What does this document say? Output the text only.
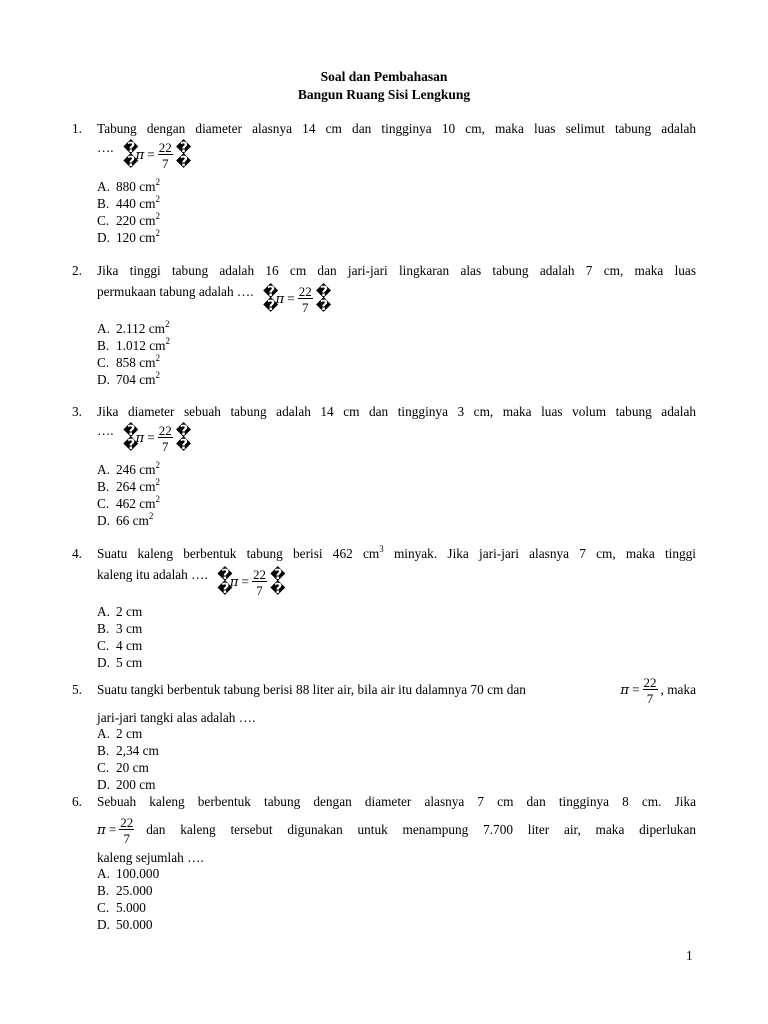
Soal dan Pembahasan
Bangun Ruang Sisi Lengkung
1. Tabung dengan diameter alasnya 14 cm dan tingginya 10 cm, maka luas selimut tabung adalah
…. �
�
$\pi = \frac{22}{7}$ �
�
A. 880 $cm^2$
B. 440 $cm^2$
C. 220 $cm^2$
D. 120 $cm^2$
2. Jika tinggi tabung adalah 16 cm dan jari-jari lingkaran alas tabung adalah 7 cm, maka luas
permukaan tabung adalah …. �
�
$\pi = \frac{22}{7}$ �
�
A. 2.112 $cm^2$
B. 1.012 $cm^2$
C. 858 $cm^2$
D. 704 $cm^2$
3. Jika diameter sebuah tabung adalah 14 cm dan tingginya 3 cm, maka luas volum tabung adalah
…. �
�
$\pi = \frac{22}{7}$ �
�
A. 246 $cm^2$
B. 264 $cm^2$
C. 462 $cm^2$
D. 66 $cm^2$
4. Suatu kaleng berbentuk tabung berisi 462 $cm^3$ minyak. Jika jari-jari alasnya 7 cm, maka tinggi
kaleng itu adalah …. �
�
$\pi = \frac{22}{7}$ �
�
A. 2 cm
B. 3 cm
C. 4 cm
D. 5 cm
5. Suatu tangki berbentuk tabung berisi 88 liter air, bila air itu dalamnya 70 cm dan	$\pi = \frac{22}{7}$ , maka
jari-jari tangki alas adalah ….
A. 2 cm
B. 2,34 cm
C. 20 cm
D. 200 cm
6. Sebuah kaleng berbentuk tabung dengan diameter alasnya 7 cm dan tingginya 8 cm. Jika
$\pi = \frac{22}{7}$ dan kaleng tersebut digunakan untuk menampung 7.700 liter air, maka diperlukan
kaleng sejumlah ….
A. 100.000
B. 25.000
C. 5.000
D. 50.000
1
